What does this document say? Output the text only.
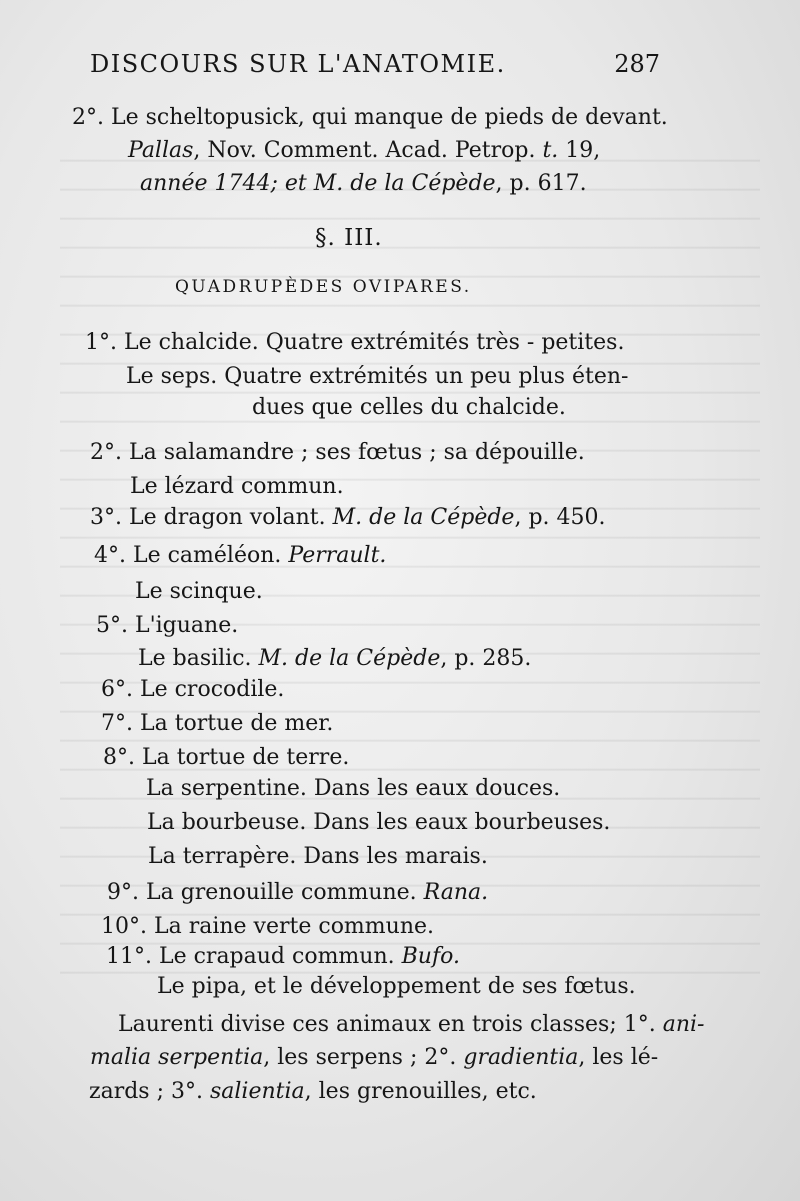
DISCOURS SUR L'ANATOMIE.	287
2°. Le scheltopusick, qui manque de pieds de devant.
Pallas, Nov. Comment. Acad. Petrop. t. 19,
année 1744; et M. de la Cépède, p. 617.
§. III.
QUADRUPÈDES OVIPARES.
1°. Le chalcide. Quatre extrémités très - petites.
Le seps. Quatre extrémités un peu plus éten-
dues que celles du chalcide.
2°. La salamandre ; ses fœtus ; sa dépouille.
Le lézard commun.
3°. Le dragon volant. M. de la Cépède, p. 450.
4°. Le caméléon. Perrault.
Le scinque.
5°. L'iguane.
Le basilic. M. de la Cépède, p. 285.
6°. Le crocodile.
7°. La tortue de mer.
8°. La tortue de terre.
La serpentine. Dans les eaux douces.
La bourbeuse. Dans les eaux bourbeuses.
La terrapère. Dans les marais.
9°. La grenouille commune. Rana.
10°. La raine verte commune.
11°. Le crapaud commun. Bufo.
Le pipa, et le développement de ses fœtus.
Laurenti divise ces animaux en trois classes; 1°. ani-
malia serpentia, les serpens ; 2°. gradientia, les lé-
zards ; 3°. salientia, les grenouilles, etc.
